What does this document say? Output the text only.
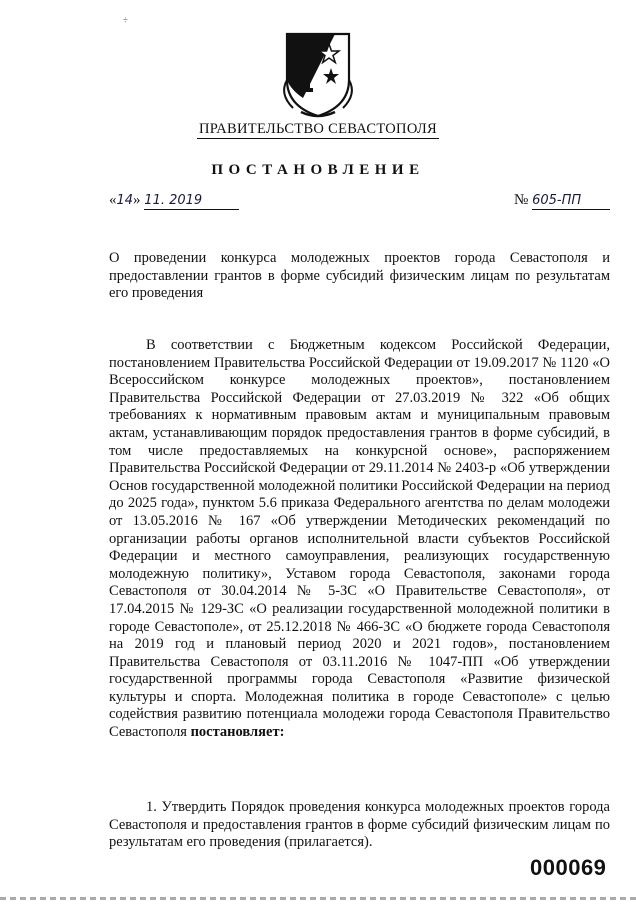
÷
ПРАВИТЕЛЬСТВО СЕВАСТОПОЛЯ
ПОСТАНОВЛЕНИЕ
«14» 11. 2019	№ 605-ПП
О проведении конкурса молодежных проектов города Севастополя и предоставлении грантов в форме субсидий физическим лицам по результатам его проведения

В соответствии с Бюджетным кодексом Российской Федерации, постановлением Правительства Российской Федерации от 19.09.2017 № 1120 «О Всероссийском конкурсе молодежных проектов», постановлением Правительства Российской Федерации от 27.03.2019 № 322 «Об общих требованиях к нормативным правовым актам и муниципальным правовым актам, устанавливающим порядок предоставления грантов в форме субсидий, в том числе предоставляемых на конкурсной основе», распоряжением Правительства Российской Федерации от 29.11.2014 № 2403-р «Об утверждении Основ государственной молодежной политики Российской Федерации на период до 2025 года», пунктом 5.6 приказа Федерального агентства по делам молодежи от 13.05.2016 № 167 «Об утверждении Методических рекомендаций по организации работы органов исполнительной власти субъектов Российской Федерации и местного самоуправления, реализующих государственную молодежную политику», Уставом города Севастополя, законами города Севастополя от 30.04.2014 № 5-ЗС «О Правительстве Севастополя», от 17.04.2015 № 129-ЗС «О реализации государственной молодежной политики в городе Севастополе», от 25.12.2018 № 466-ЗС «О бюджете города Севастополя на 2019 год и плановый период 2020 и 2021 годов», постановлением Правительства Севастополя от 03.11.2016 № 1047-ПП «Об утверждении государственной программы города Севастополя «Развитие физической культуры и спорта. Молодежная политика в городе Севастополе» с целью содействия развитию потенциала молодежи города Севастополя Правительство Севастополя постановляет:

1. Утвердить Порядок проведения конкурса молодежных проектов города Севастополя и предоставления грантов в форме субсидий физическим лицам по результатам его проведения (прилагается).

000069
